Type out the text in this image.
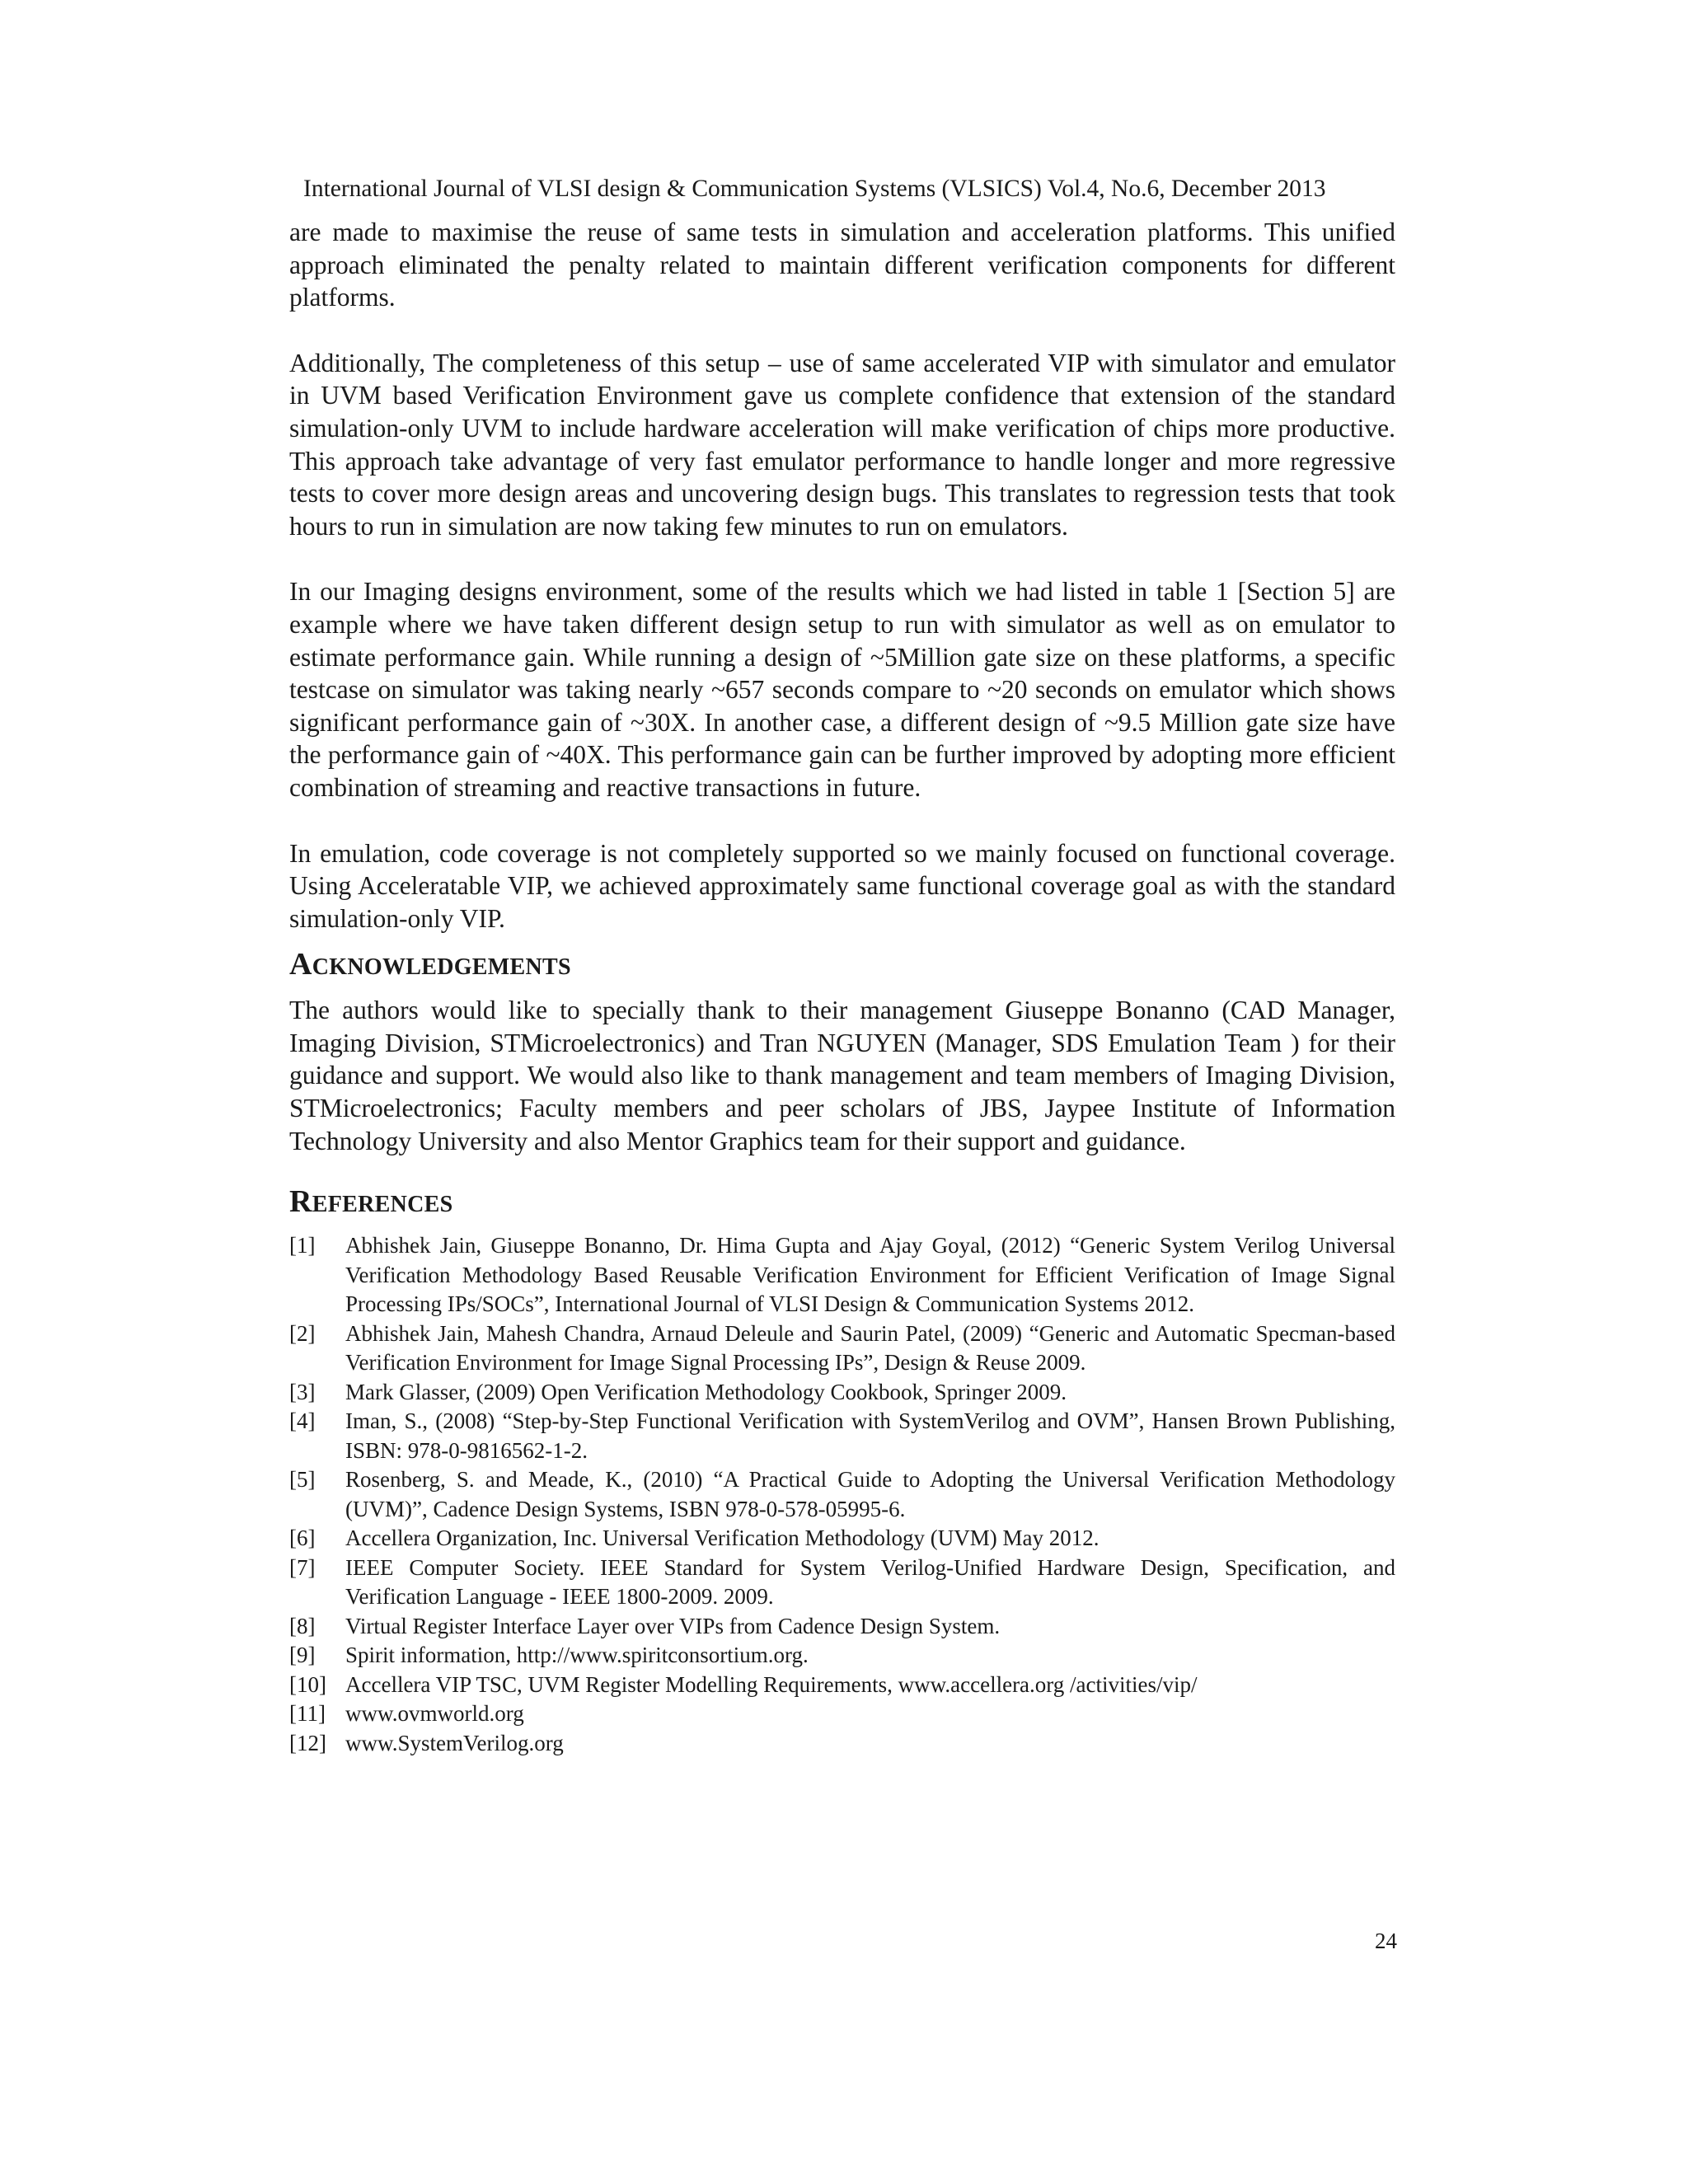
International Journal of VLSI design & Communication Systems (VLSICS) Vol.4, No.6, December 2013

are made to maximise the reuse of same tests in simulation and acceleration platforms. This unified approach eliminated the penalty related to maintain different verification components for different platforms.

Additionally, The completeness of this setup – use of same accelerated VIP with simulator and emulator in UVM based Verification Environment gave us complete confidence that extension of the standard simulation-only UVM to include hardware acceleration will make verification of chips more productive. This approach take advantage of very fast emulator performance to handle longer and more regressive tests to cover more design areas and uncovering design bugs. This translates to regression tests that took hours to run in simulation are now taking few minutes to run on emulators.

In our Imaging designs environment, some of the results which we had listed in table 1 [Section 5] are example where we have taken different design setup to run with simulator as well as on emulator to estimate performance gain. While running a design of ~5Million gate size on these platforms, a specific testcase on simulator was taking nearly ~657 seconds compare to ~20 seconds on emulator which shows significant performance gain of ~30X. In another case, a different design of ~9.5 Million gate size have the performance gain of ~40X. This performance gain can be further improved by adopting more efficient combination of streaming and reactive transactions in future.

In emulation, code coverage is not completely supported so we mainly focused on functional coverage. Using Acceleratable VIP, we achieved approximately same functional coverage goal as with the standard simulation-only VIP.

ACKNOWLEDGEMENTS

The authors would like to specially thank to their management Giuseppe Bonanno (CAD Manager, Imaging Division, STMicroelectronics) and Tran NGUYEN (Manager, SDS Emulation Team ) for their guidance and support. We would also like to thank management and team members of Imaging Division, STMicroelectronics; Faculty members and peer scholars of JBS, Jaypee Institute of Information Technology University and also Mentor Graphics team for their support and guidance.

REFERENCES
[1] Abhishek Jain, Giuseppe Bonanno, Dr. Hima Gupta and Ajay Goyal, (2012) “Generic System Verilog Universal Verification Methodology Based Reusable Verification Environment for Efficient Verification of Image Signal Processing IPs/SOCs”, International Journal of VLSI Design & Communication Systems 2012.
[2] Abhishek Jain, Mahesh Chandra, Arnaud Deleule and Saurin Patel, (2009) “Generic and Automatic Specman-based Verification Environment for Image Signal Processing IPs”, Design & Reuse 2009.
[3] Mark Glasser, (2009) Open Verification Methodology Cookbook, Springer 2009.
[4] Iman, S., (2008) “Step-by-Step Functional Verification with SystemVerilog and OVM”, Hansen Brown Publishing, ISBN: 978-0-9816562-1-2.
[5] Rosenberg, S. and Meade, K., (2010) “A Practical Guide to Adopting the Universal Verification Methodology (UVM)”, Cadence Design Systems, ISBN 978-0-578-05995-6.
[6] Accellera Organization, Inc. Universal Verification Methodology (UVM) May 2012.
[7] IEEE Computer Society. IEEE Standard for System Verilog-Unified Hardware Design, Specification, and Verification Language - IEEE 1800-2009. 2009.
[8] Virtual Register Interface Layer over VIPs from Cadence Design System.
[9] Spirit information, http://www.spiritconsortium.org.
[10] Accellera VIP TSC, UVM Register Modelling Requirements, www.accellera.org /activities/vip/
[11] www.ovmworld.org
[12] www.SystemVerilog.org
24
